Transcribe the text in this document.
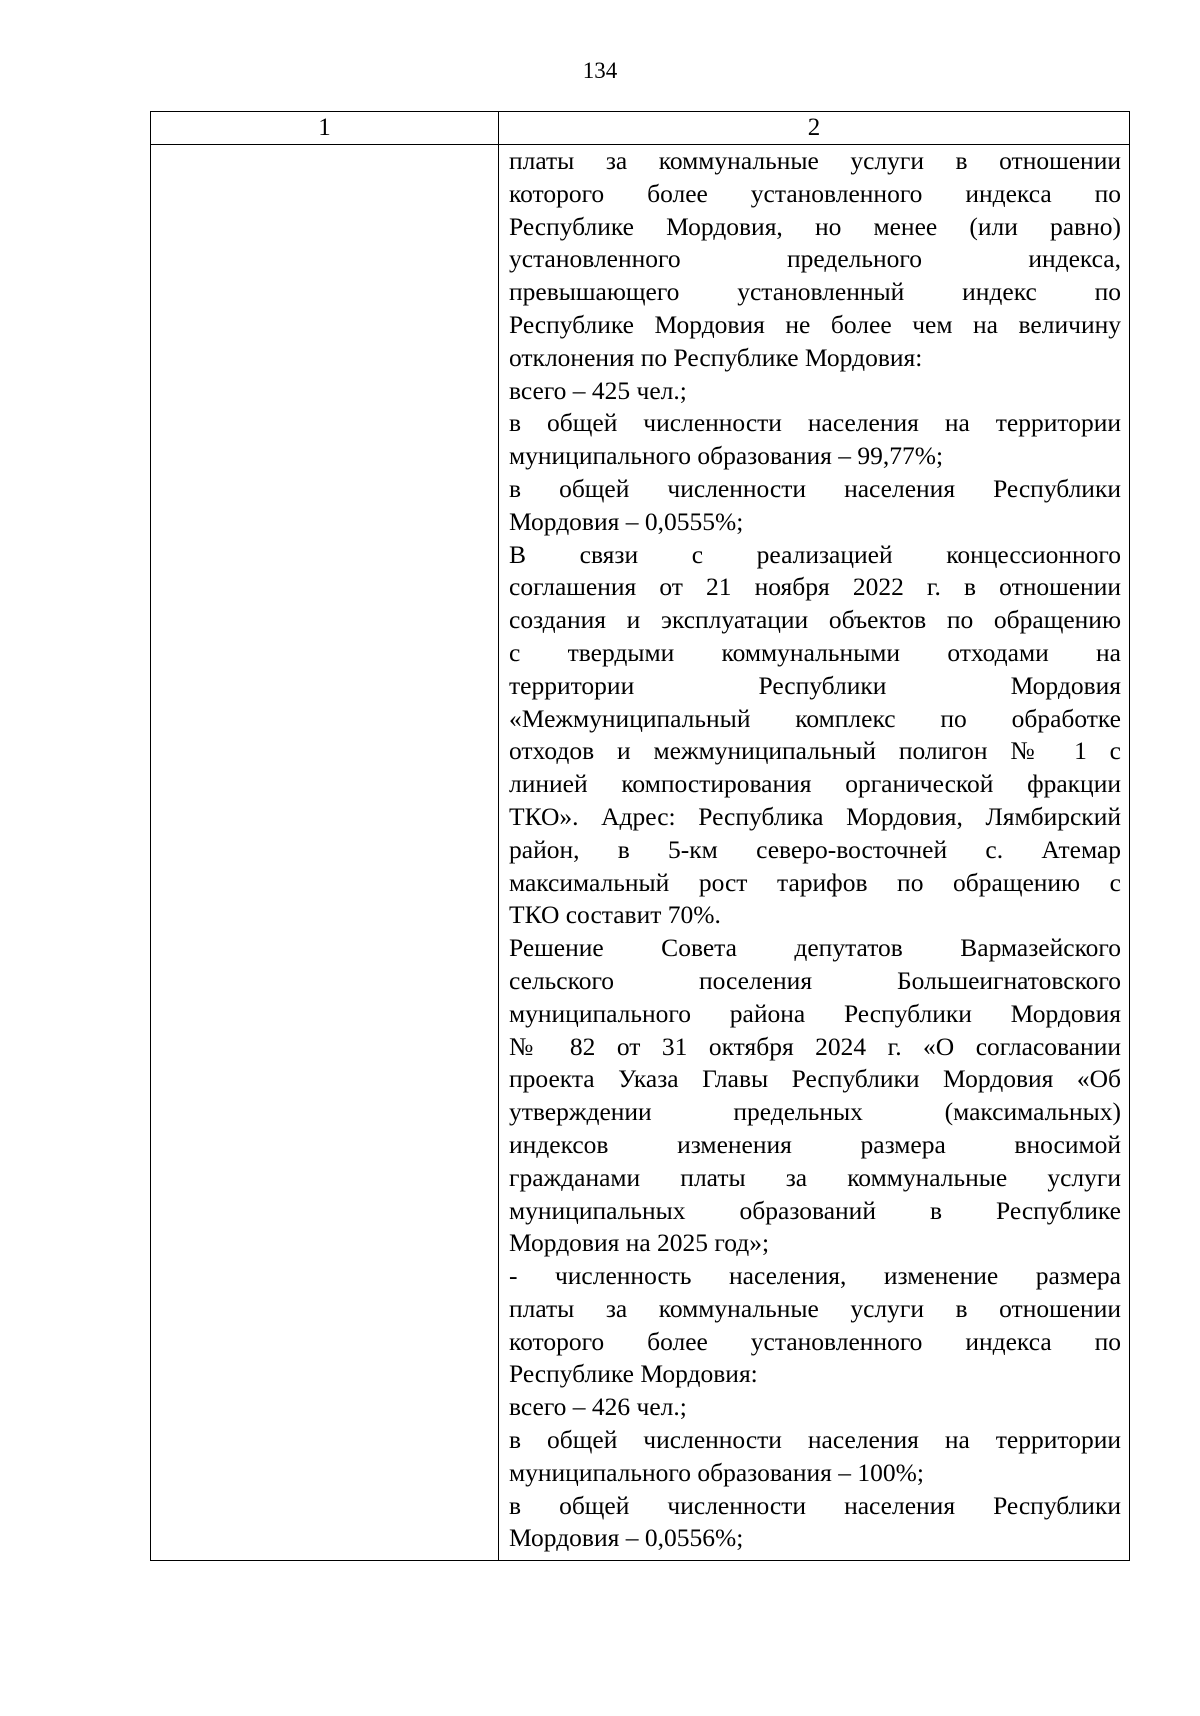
134
1	2
платы за коммунальные услуги в отношении
которого более установленного индекса по
Республике Мордовия, но менее (или равно)
установленного предельного индекса,
превышающего установленный индекс по
Республике Мордовия не более чем на величину
отклонения по Республике Мордовия:
всего – 425 чел.;
в общей численности населения на территории
муниципального образования – 99,77%;
в общей численности населения Республики
Мордовия – 0,0555%;
В связи с реализацией концессионного
соглашения от 21 ноября 2022 г. в отношении
создания и эксплуатации объектов по обращению
с твердыми коммунальными отходами на
территории Республики Мордовия
«Межмуниципальный комплекс по обработке
отходов и межмуниципальный полигон № 1 с
линией компостирования органической фракции
ТКО». Адрес: Республика Мордовия, Лямбирский
район, в 5-км северо-восточней с. Атемар
максимальный рост тарифов по обращению с
ТКО составит 70%.
Решение Совета депутатов Вармазейского
сельского поселения Большеигнатовского
муниципального района Республики Мордовия
№ 82 от 31 октября 2024 г. «О согласовании
проекта Указа Главы Республики Мордовия «Об
утверждении предельных (максимальных)
индексов изменения размера вносимой
гражданами платы за коммунальные услуги
муниципальных образований в Республике
Мордовия на 2025 год»;
- численность населения, изменение размера
платы за коммунальные услуги в отношении
которого более установленного индекса по
Республике Мордовия:
всего – 426 чел.;
в общей численности населения на территории
муниципального образования – 100%;
в общей численности населения Республики
Мордовия – 0,0556%;
